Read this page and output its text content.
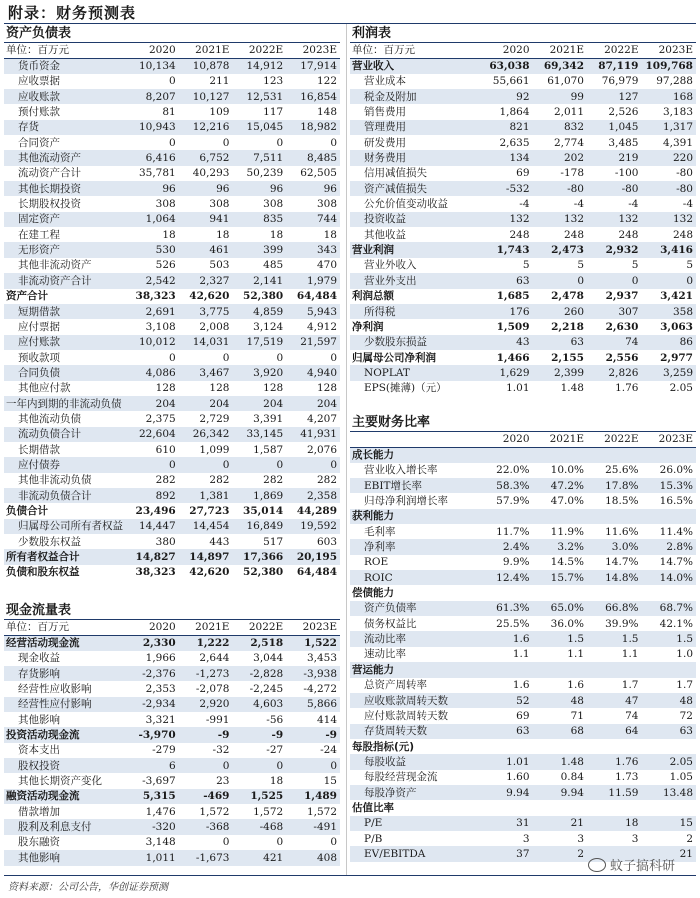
附录：财务预测表
资产负债表
单位：百万元	2020	2021E	2022E	2023E
货币资金	10,134	10,878	14,912	17,914
应收票据	0	211	123	122
应收账款	8,207	10,127	12,531	16,854
预付账款	81	109	117	148
存货	10,943	12,216	15,045	18,982
合同资产	0	0	0	0
其他流动资产	6,416	6,752	7,511	8,485
流动资产合计	35,781	40,293	50,239	62,505
其他长期投资	96	96	96	96
长期股权投资	308	308	308	308
固定资产	1,064	941	835	744
在建工程	18	18	18	18
无形资产	530	461	399	343
其他非流动资产	526	503	485	470
非流动资产合计	2,542	2,327	2,141	1,979
资产合计	38,323	42,620	52,380	64,484
短期借款	2,691	3,775	4,859	5,943
应付票据	3,108	2,008	3,124	4,912
应付账款	10,012	14,031	17,519	21,597
预收款项	0	0	0	0
合同负债	4,086	3,467	3,920	4,940
其他应付款	128	128	128	128
一年内到期的非流动负债	204	204	204	204
其他流动负债	2,375	2,729	3,391	4,207
流动负债合计	22,604	26,342	33,145	41,931
长期借款	610	1,099	1,587	2,076
应付债券	0	0	0	0
其他非流动负债	282	282	282	282
非流动负债合计	892	1,381	1,869	2,358
负债合计	23,496	27,723	35,014	44,289
归属母公司所有者权益	14,447	14,454	16,849	19,592
少数股东权益	380	443	517	603
所有者权益合计	14,827	14,897	17,366	20,195
负债和股东权益	38,323	42,620	52,380	64,484
现金流量表
单位：百万元	2020	2021E	2022E	2023E
经营活动现金流	2,330	1,222	2,518	1,522
现金收益	1,966	2,644	3,044	3,453
存货影响	-2,376	-1,273	-2,828	-3,938
经营性应收影响	2,353	-2,078	-2,245	-4,272
经营性应付影响	-2,934	2,920	4,603	5,866
其他影响	3,321	-991	-56	414
投资活动现金流	-3,970	-9	-9	-9
资本支出	-279	-32	-27	-24
股权投资	6	0	0	0
其他长期资产变化	-3,697	23	18	15
融资活动现金流	5,315	-469	1,525	1,489
借款增加	1,476	1,572	1,572	1,572
股利及利息支付	-320	-368	-468	-491
股东融资	3,148	0	0	0
其他影响	1,011	-1,673	421	408
利润表
单位：百万元	2020	2021E	2022E	2023E
营业收入	63,038	69,342	87,119	109,768
营业成本	55,661	61,070	76,979	97,288
税金及附加	92	99	127	168
销售费用	1,864	2,011	2,526	3,183
管理费用	821	832	1,045	1,317
研发费用	2,635	2,774	3,485	4,391
财务费用	134	202	219	220
信用减值损失	69	-178	-100	-80
资产减值损失	-532	-80	-80	-80
公允价值变动收益	-4	-4	-4	-4
投资收益	132	132	132	132
其他收益	248	248	248	248
营业利润	1,743	2,473	2,932	3,416
营业外收入	5	5	5	5
营业外支出	63	0	0	0
利润总额	1,685	2,478	2,937	3,421
所得税	176	260	307	358
净利润	1,509	2,218	2,630	3,063
少数股东损益	43	63	74	86
归属母公司净利润	1,466	2,155	2,556	2,977
NOPLAT	1,629	2,399	2,826	3,259
EPS(摊薄)（元）	1.01	1.48	1.76	2.05
主要财务比率
	2020	2021E	2022E	2023E
成长能力				
营业收入增长率	22.0%	10.0%	25.6%	26.0%
EBIT增长率	58.3%	47.2%	17.8%	15.3%
归母净利润增长率	57.9%	47.0%	18.5%	16.5%
获利能力				
毛利率	11.7%	11.9%	11.6%	11.4%
净利率	2.4%	3.2%	3.0%	2.8%
ROE	9.9%	14.5%	14.7%	14.7%
ROIC	12.4%	15.7%	14.8%	14.0%
偿债能力				
资产负债率	61.3%	65.0%	66.8%	68.7%
债务权益比	25.5%	36.0%	39.9%	42.1%
流动比率	1.6	1.5	1.5	1.5
速动比率	1.1	1.1	1.1	1.0
营运能力				
总资产周转率	1.6	1.6	1.7	1.7
应收账款周转天数	52	48	47	48
应付账款周转天数	69	71	74	72
存货周转天数	63	68	64	63
每股指标(元)				
每股收益	1.01	1.48	1.76	2.05
每股经营现金流	1.60	0.84	1.73	1.05
每股净资产	9.94	9.94	11.59	13.48
估值比率				
P/E	31	21	18	15
P/B	3	3	3	2
EV/EBITDA	37	2		21
资料来源：公司公告，华创证券预测
蚊子搞科研
